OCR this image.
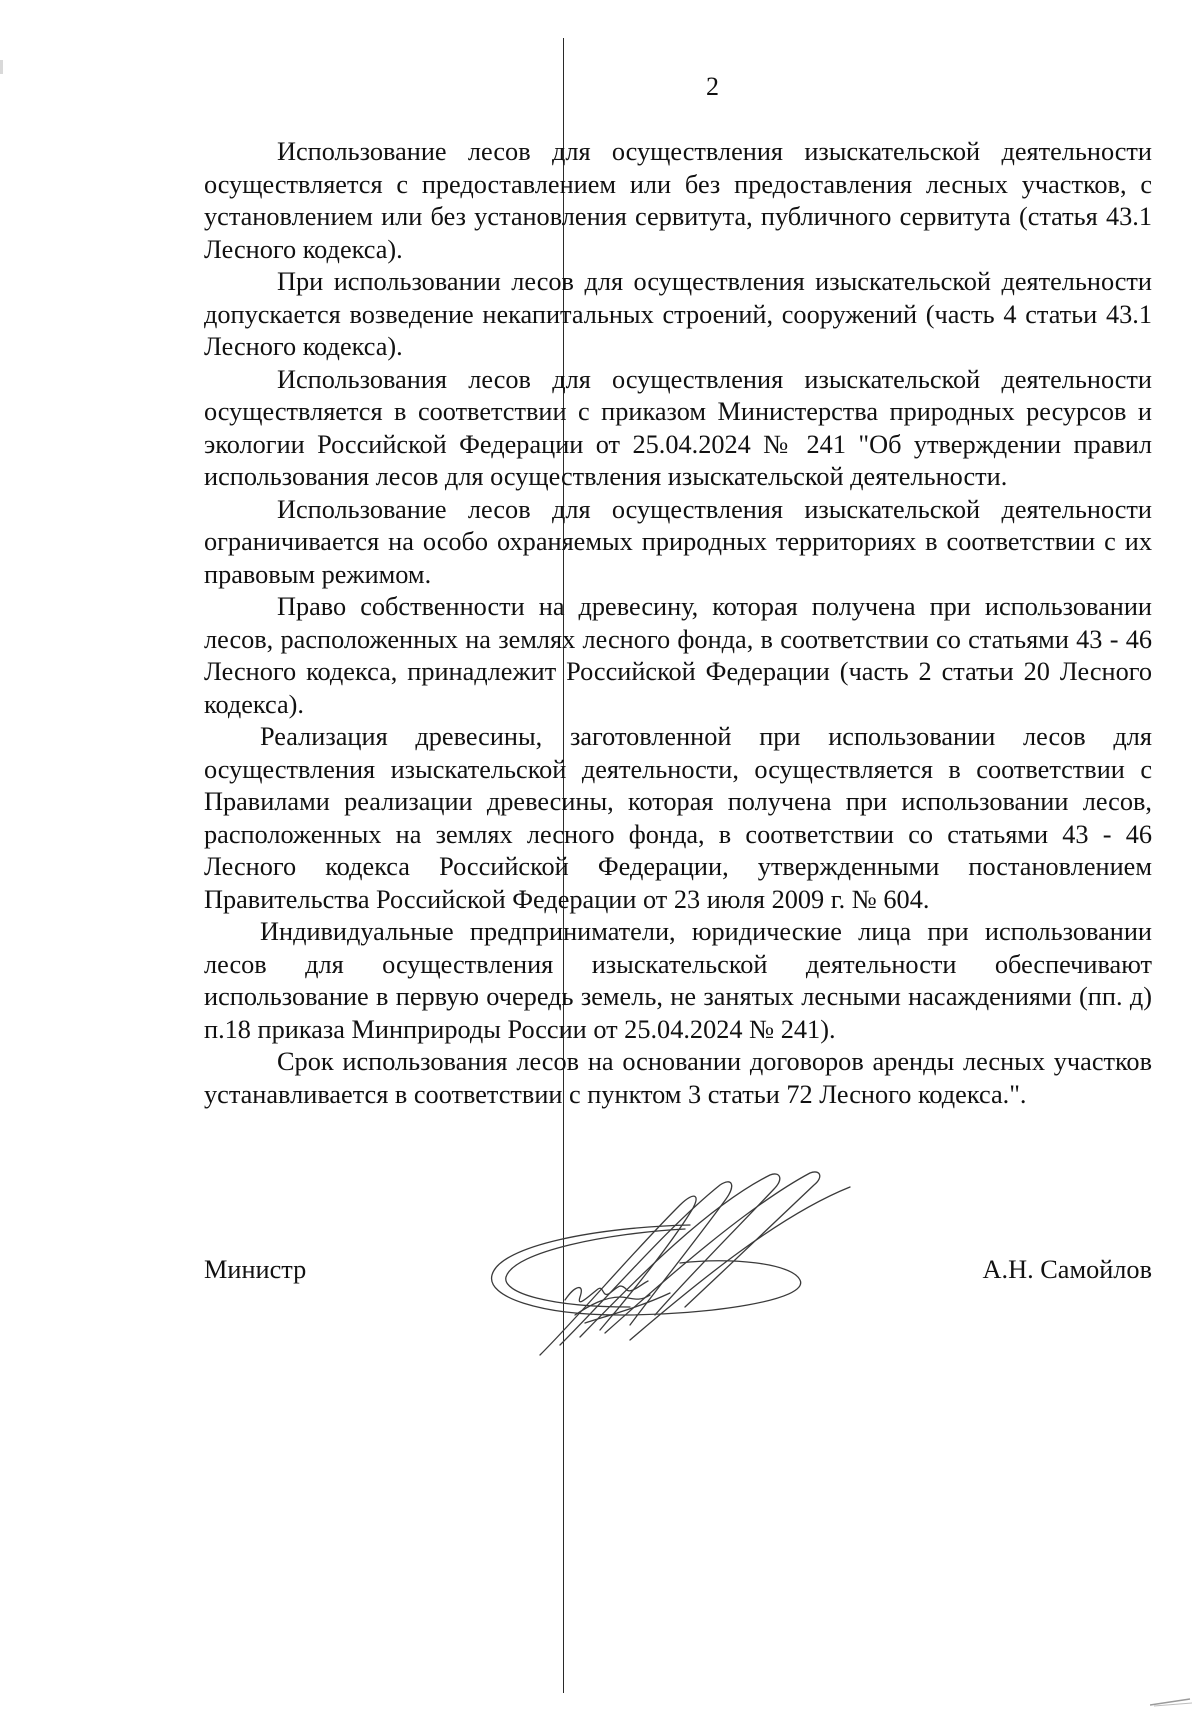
2

Использование лесов для осуществления изыскательской деятельности осуществляется с предоставлением или без предоставления лесных участков, с установлением или без установления сервитута, публичного сервитута (статья 43.1 Лесного кодекса).

При использовании лесов для осуществления изыскательской деятельности допускается возведение некапитальных строений, сооружений (часть 4 статьи 43.1 Лесного кодекса).

Использования лесов для осуществления изыскательской деятельности осуществляется в соответствии с приказом Министерства природных ресурсов и экологии Российской Федерации от 25.04.2024 № 241 "Об утверждении правил использования лесов для осуществления изыскательской деятельности.

Использование лесов для осуществления изыскательской деятельности ограничивается на особо охраняемых природных территориях в соответствии с их правовым режимом.

Право собственности на древесину, которая получена при использовании лесов, расположенных на землях лесного фонда, в соответствии со статьями 43 - 46 Лесного кодекса, принадлежит Российской Федерации (часть 2 статьи 20 Лесного кодекса).

Реализация древесины, заготовленной при использовании лесов для осуществления изыскательской деятельности, осуществляется в соответствии с Правилами реализации древесины, которая получена при использовании лесов, расположенных на землях лесного фонда, в соответствии со статьями 43 - 46 Лесного кодекса Российской Федерации, утвержденными постановлением Правительства Российской Федерации от 23 июля 2009 г. № 604.

Индивидуальные предприниматели, юридические лица при использовании лесов для осуществления изыскательской деятельности обеспечивают использование в первую очередь земель, не занятых лесными насаждениями (пп. д) п.18 приказа Минприроды России от 25.04.2024 № 241).

Срок использования лесов на основании договоров аренды лесных участков устанавливается в соответствии с пунктом 3 статьи 72 Лесного кодекса.".

Министр	А.Н. Самойлов
